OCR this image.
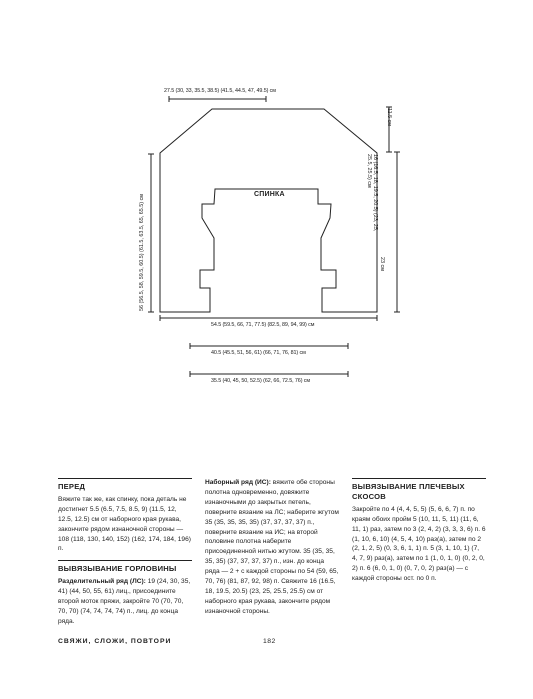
27.5 (30, 33, 35.5, 38.5) (41.5, 44.5, 47, 49.5) см
56 (56.5, 58, 59.5, 60.5) (61.5, 63.5, 65, 65.5) см
11.5 см
16 (16.5, 18, 19.5, 20.5) (23, 25, 25.5, 25.5) см
23 см
54.5 (59.5, 66, 71, 77.5) (82.5, 89, 94, 99) см
40.5 (45.5, 51, 56, 61) (66, 71, 76, 81) см
35.5 (40, 45, 50, 52.5) (62, 66, 72.5, 76) см
СПИНКА
ПЕРЕД

Вяжите так же, как спинку, пока деталь не достигнет 5.5 (6.5, 7.5, 8.5, 9) (11.5, 12, 12.5, 12.5) см от наборного края рукава, закончите рядом изнаночной стороны — 108 (118, 130, 140, 152) (162, 174, 184, 196) п.

ВЫВЯЗЫВАНИЕ ГОРЛОВИНЫ

Разделительный ряд (ЛС): 19 (24, 30, 35, 41) (44, 50, 55, 61) лиц., присоедините второй моток пряжи, закройте 70 (70, 70, 70, 70) (74, 74, 74, 74) п., лиц. до конца ряда.

Наборный ряд (ИС): вяжите обе стороны полотна одновременно, довяжите изнаночными до закрытых петель, поверните вязание на ЛС; наберите жгутом 35 (35, 35, 35, 35) (37, 37, 37, 37) п., поверните вязание на ИС; на второй половине полотна наберите присоединенной нитью жгутом. 35 (35, 35, 35, 35) (37, 37, 37, 37) п., изн. до конца ряда — 2 + с каждой стороны по 54 (59, 65, 70, 76) (81, 87, 92, 98) п. Свяжите 16 (16.5, 18, 19.5, 20.5) (23, 25, 25.5, 25.5) см от наборного края рукава, закончите рядом изнаночной стороны.

ВЫВЯЗЫВАНИЕ ПЛЕЧЕВЫХ СКОСОВ

Закройте по 4 (4, 4, 5, 5) (5, 6, 6, 7) п. по краям обоих пройм 5 (10, 11, 5, 11) (11, 6, 11, 1) раз, затем по 3 (2, 4, 2) (3, 3, 3, 6) п. 6 (1, 10, 6, 10) (4, 5, 4, 10) раз(а), затем по 2 (2, 1, 2, 5) (0, 3, 6, 1, 1) п. 5 (3, 1, 10, 1) (7, 4, 7, 9) раз(а), затем по 1 (1, 0, 1, 0) (0, 2, 0, 2) п. 6 (6, 0, 1, 0) (0, 7, 0, 2) раз(а) — с каждой стороны ост. по 0 п.

СВЯЖИ, СЛОЖИ, ПОВТОРИ	182
